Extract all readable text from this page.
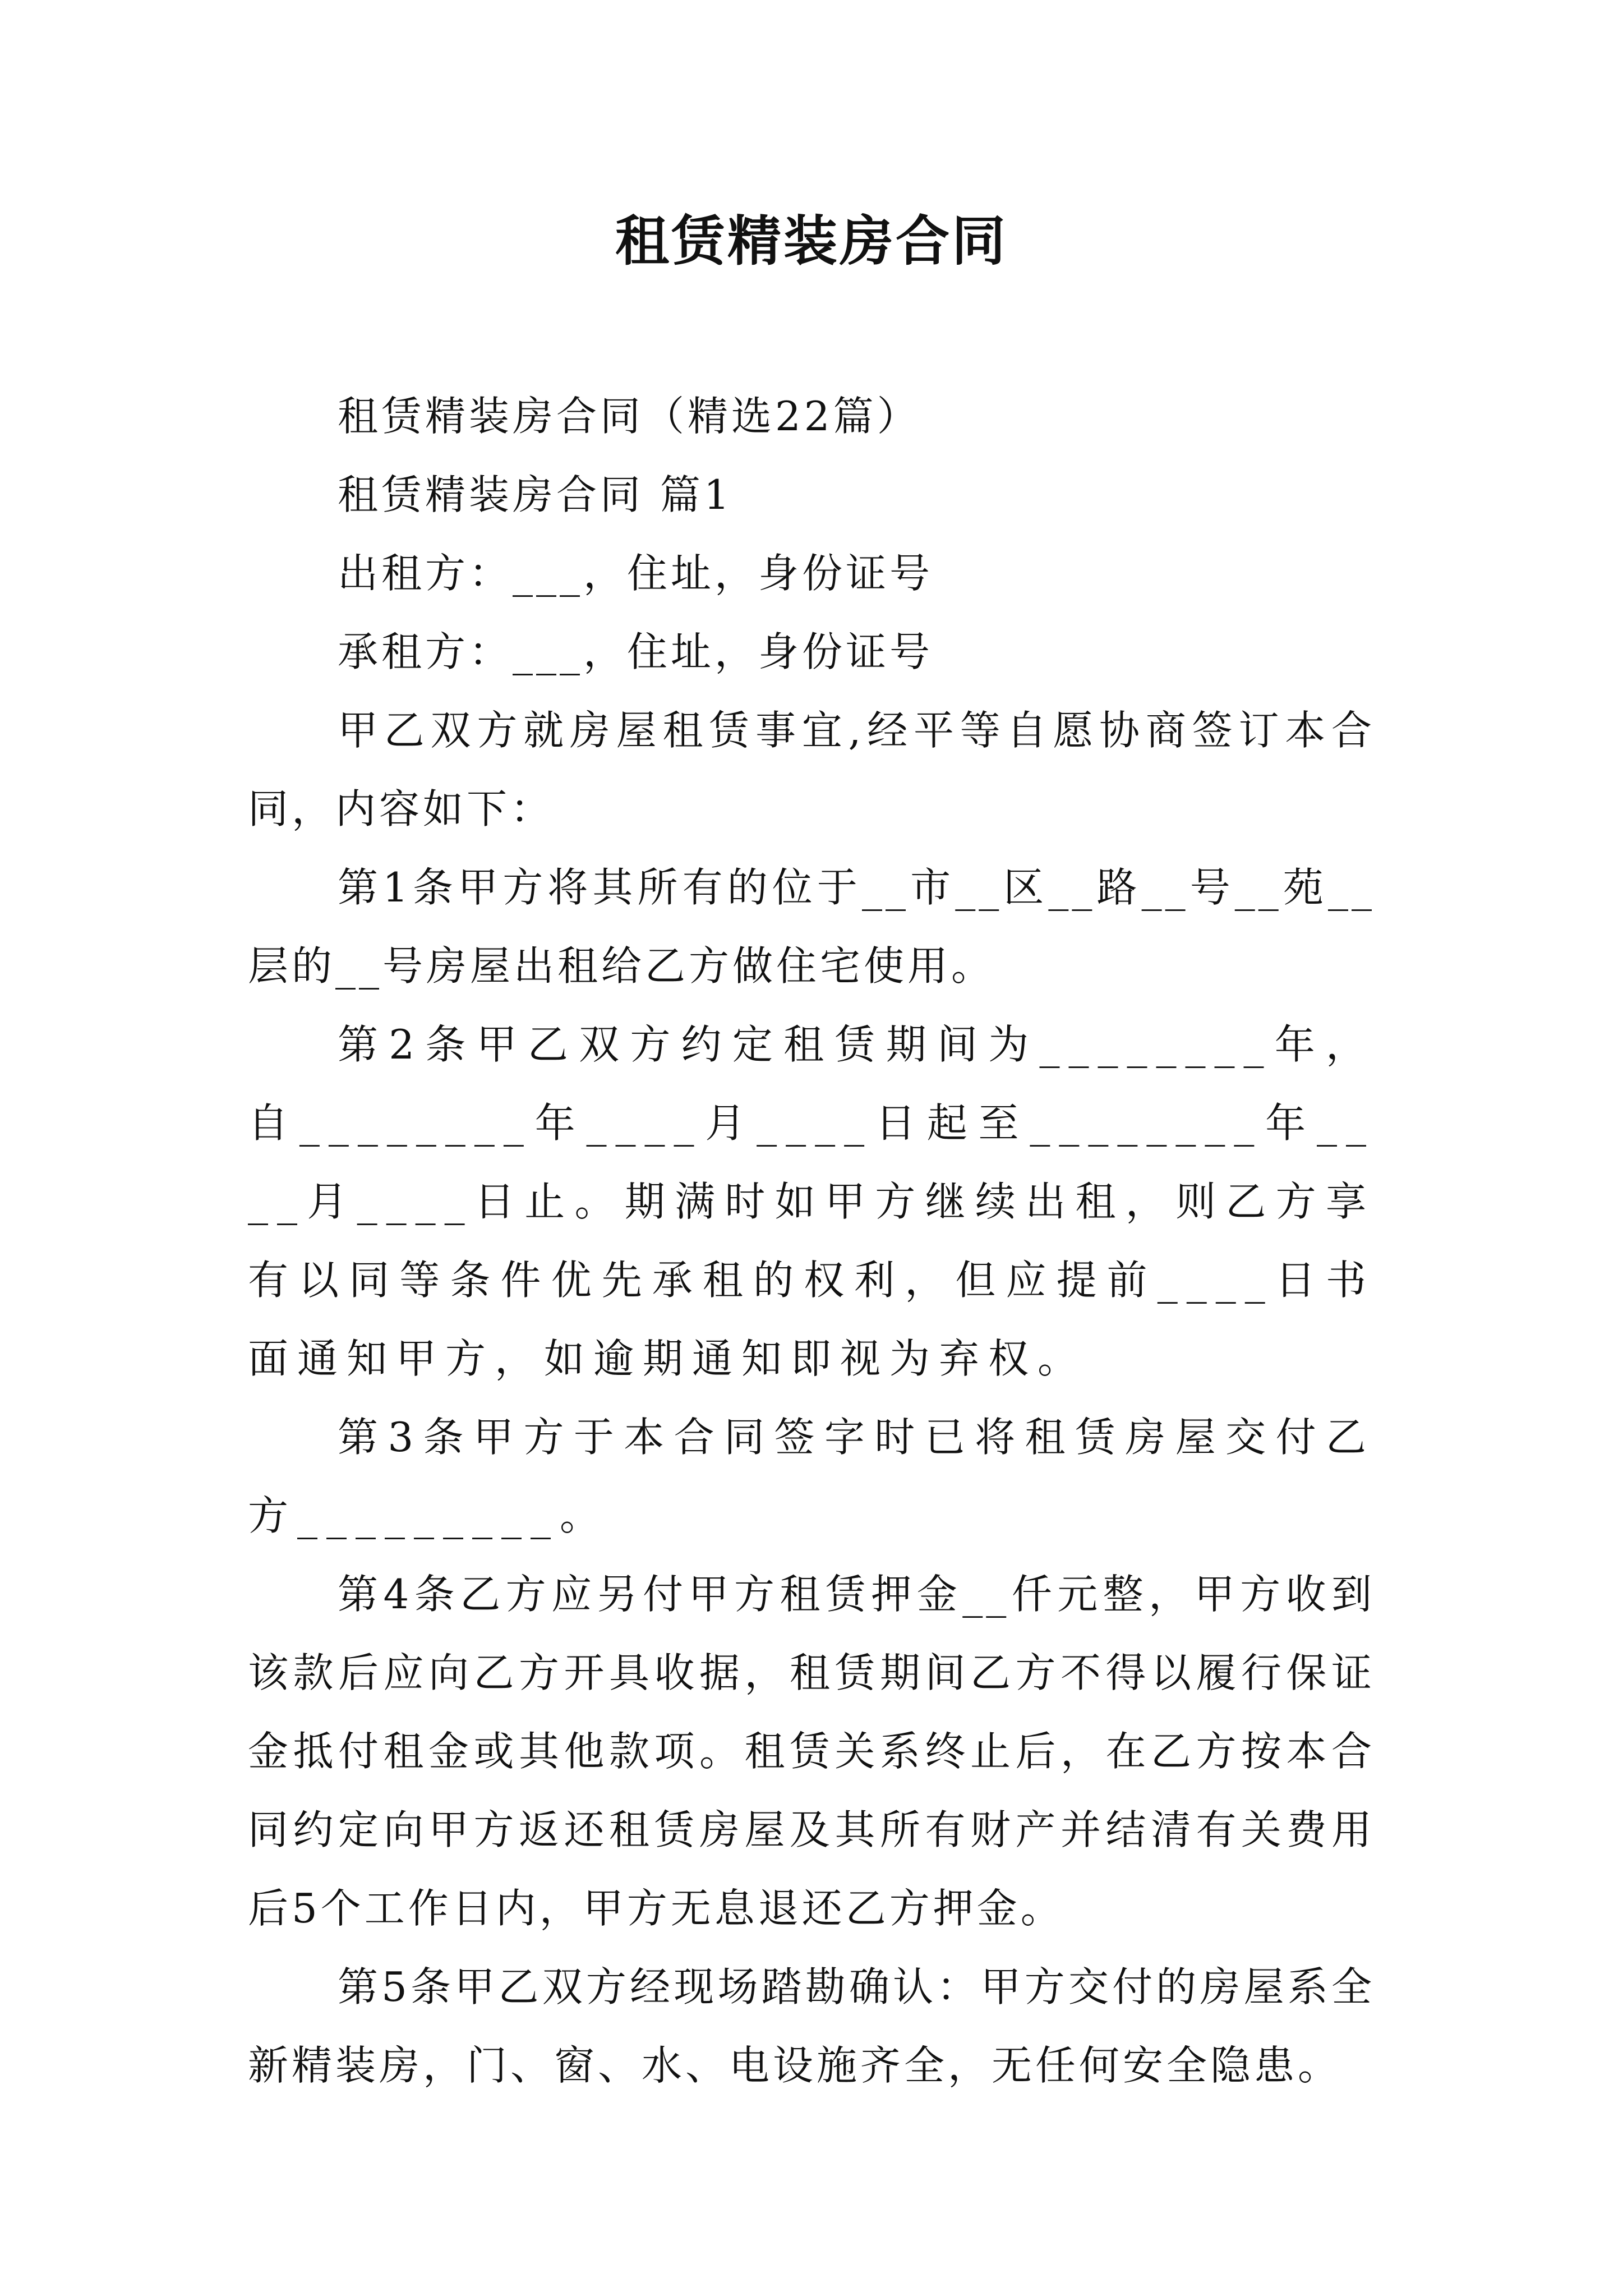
租赁精装房合同

租赁精装房合同（精选22篇）

租赁精装房合同 篇1

出租方：___，住址，身份证号

承租方：___，住址，身份证号

甲乙双方就房屋租赁事宜,经平等自愿协商签订本合同，内容如下：

第1条甲方将其所有的位于__市__区__路__号__苑__层的__号房屋出租给乙方做住宅使用。

第2条甲乙双方约定租赁期间为________年，自________年____月____日起至________年____月____日止。期满时如甲方继续出租，则乙方享有以同等条件优先承租的权利，但应提前____日书面通知甲方，如逾期通知即视为弃权。

第3条甲方于本合同签字时已将租赁房屋交付乙方_________。

第4条乙方应另付甲方租赁押金__仟元整，甲方收到该款后应向乙方开具收据，租赁期间乙方不得以履行保证金抵付租金或其他款项。租赁关系终止后，在乙方按本合同约定向甲方返还租赁房屋及其所有财产并结清有关费用后5个工作日内，甲方无息退还乙方押金。

第5条甲乙双方经现场踏勘确认：甲方交付的房屋系全新精装房，门、窗、水、电设施齐全，无任何安全隐患。
